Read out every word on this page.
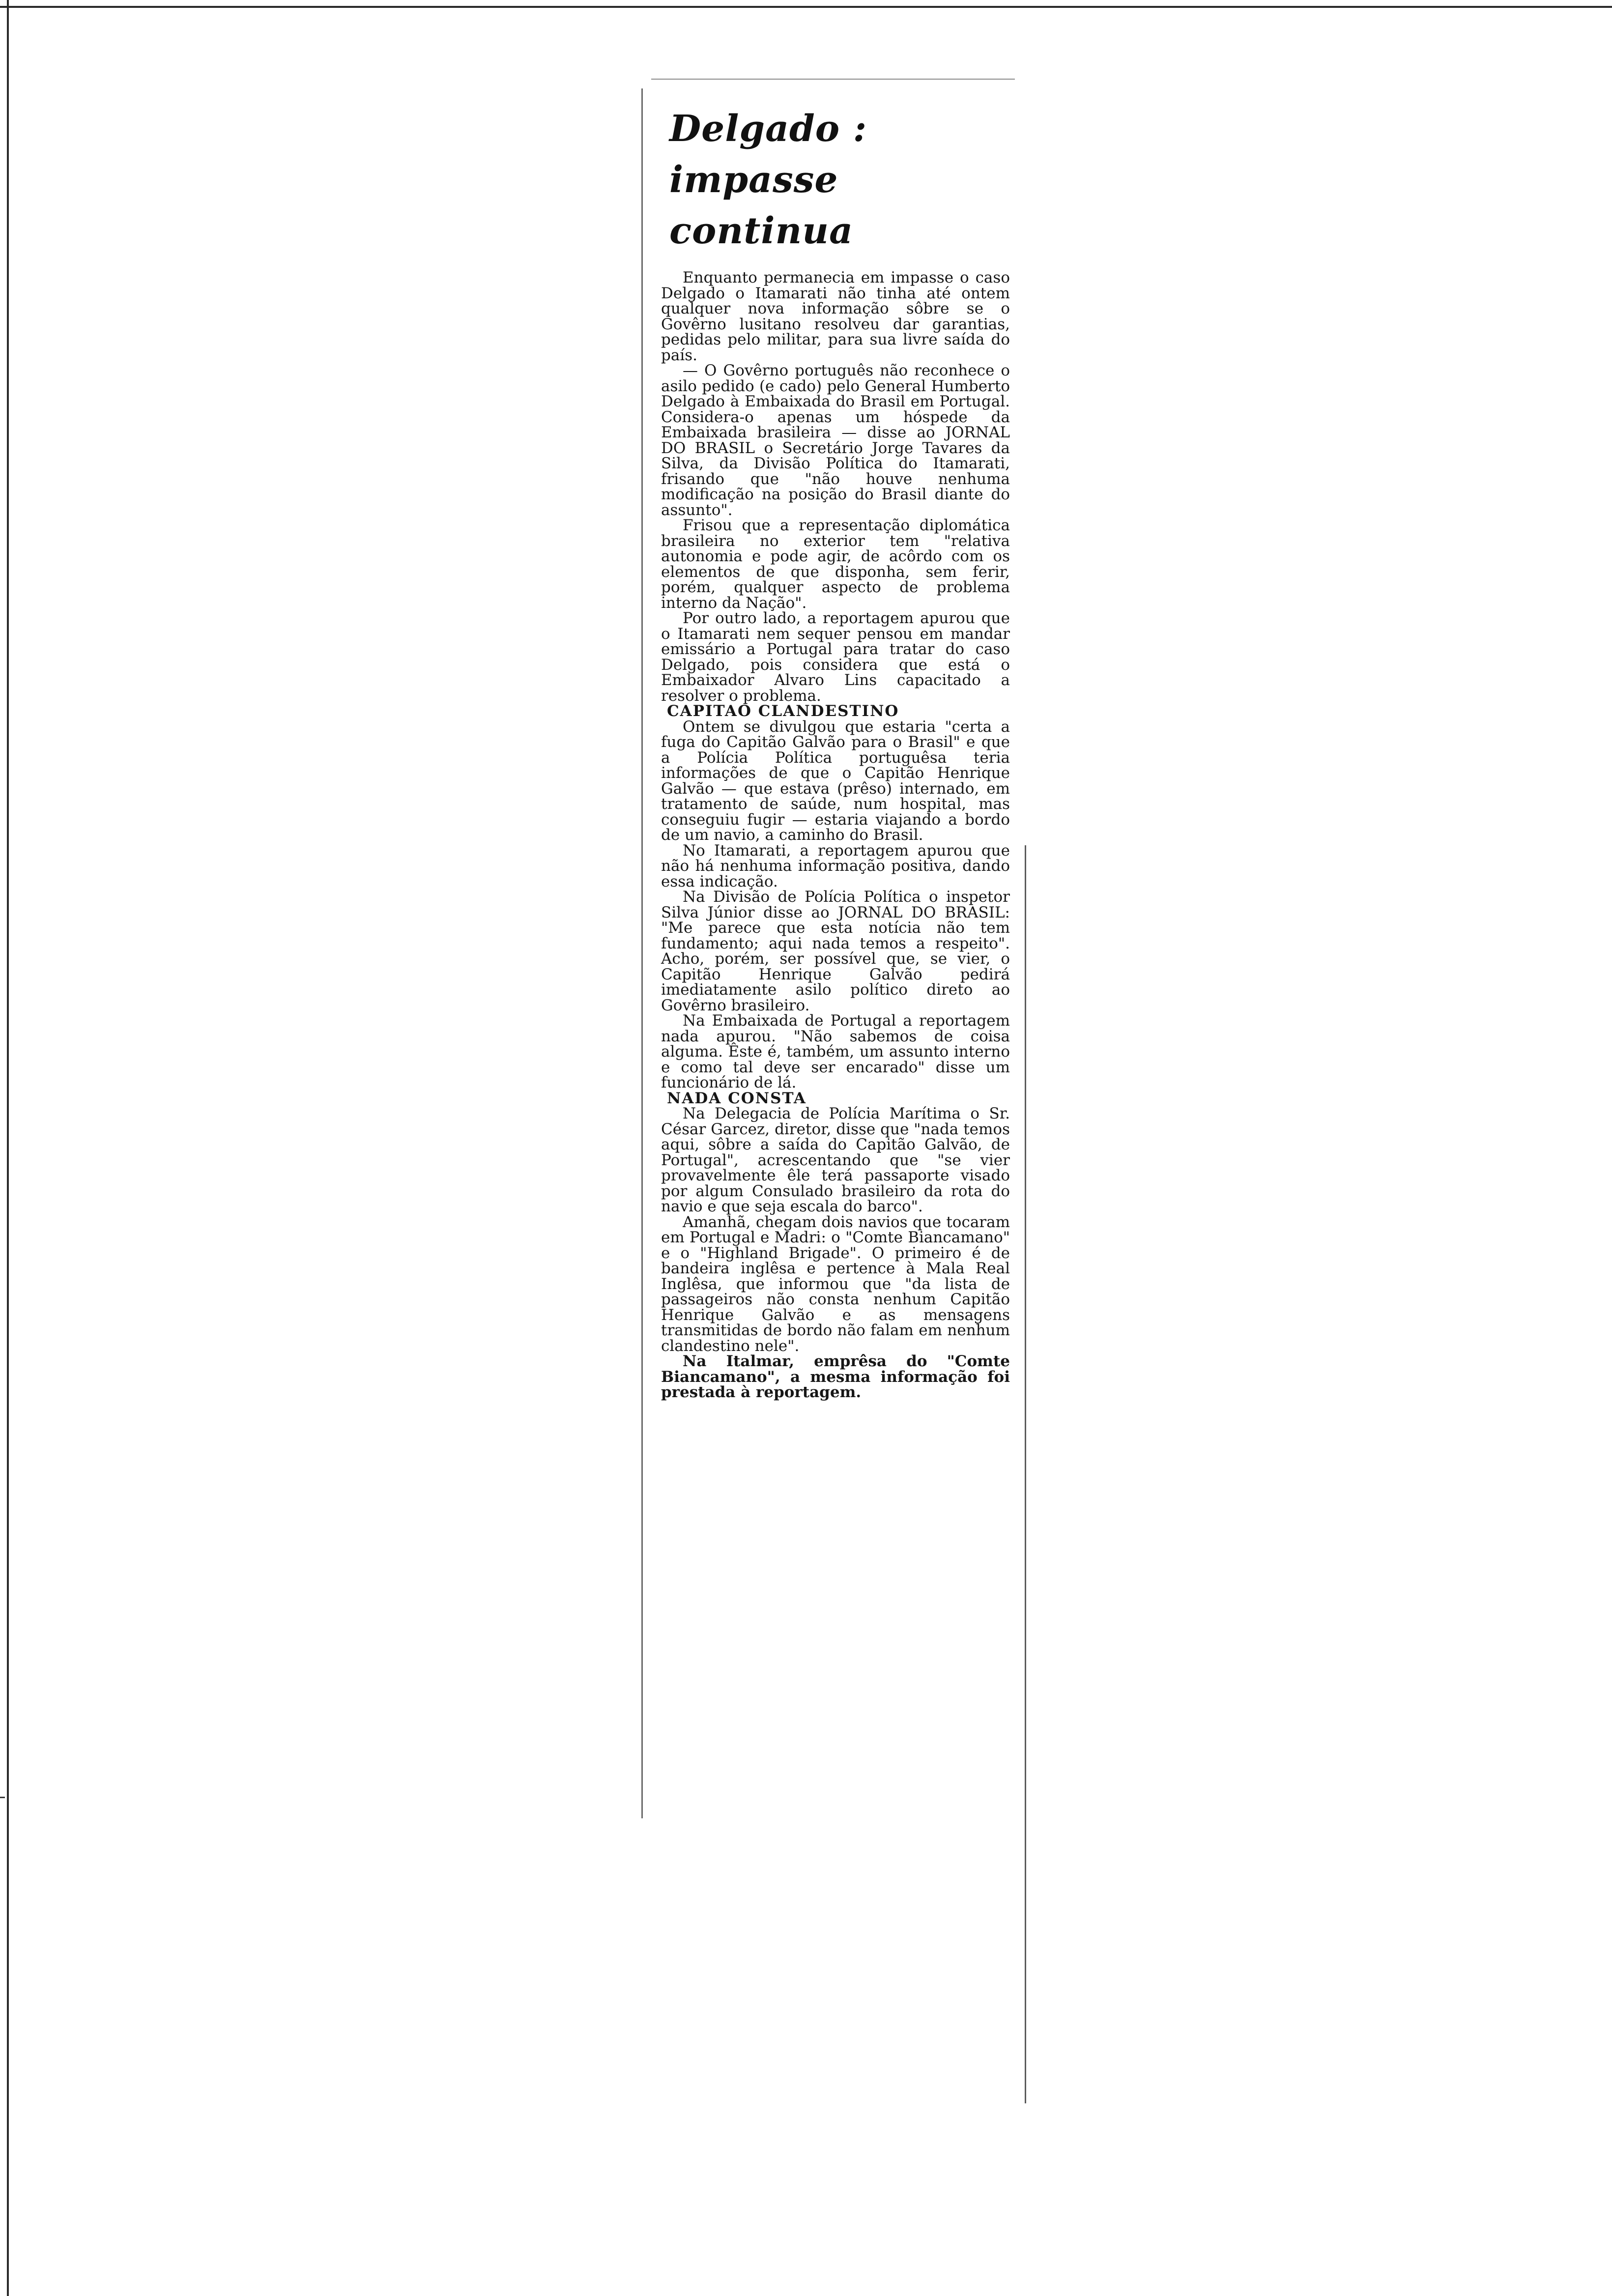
Delgado :
impasse
continua

Enquanto permanecia em impasse o caso Delgado o Itamarati não tinha até ontem qualquer nova informação sôbre se o Govêrno lusitano resolveu dar garantias, pedidas pelo militar, para sua livre saída do país.

— O Govêrno português não reconhece o asilo pedido (e cado) pelo General Humberto Delgado à Embaixada do Brasil em Portugal. Considera-o apenas um hóspede da Embaixada brasileira — disse ao JORNAL DO BRASIL o Secretário Jorge Tavares da Silva, da Divisão Política do Itamarati, frisando que "não houve nenhuma modificação na posição do Brasil diante do assunto".

Frisou que a representação diplomática brasileira no exterior tem "relativa autonomia e pode agir, de acôrdo com os elementos de que disponha, sem ferir, porém, qualquer aspecto de problema interno da Nação".

Por outro lado, a reportagem apurou que o Itamarati nem sequer pensou em mandar emissário a Portugal para tratar do caso Delgado, pois considera que está o Embaixador Alvaro Lins capacitado a resolver o problema.

CAPITAO CLANDESTINO

Ontem se divulgou que estaria "certa a fuga do Capitão Galvão para o Brasil" e que a Polícia Política portuguêsa teria informações de que o Capitão Henrique Galvão — que estava (prêso) internado, em tratamento de saúde, num hospital, mas conseguiu fugir — estaria viajando a bordo de um navio, a caminho do Brasil.

No Itamarati, a reportagem apurou que não há nenhuma informação positiva, dando essa indicação.

Na Divisão de Polícia Política o inspetor Silva Júnior disse ao JORNAL DO BRASIL: "Me parece que esta notícia não tem fundamento; aqui nada temos a respeito". Acho, porém, ser possível que, se vier, o Capitão Henrique Galvão pedirá imediatamente asilo político direto ao Govêrno brasileiro.

Na Embaixada de Portugal a reportagem nada apurou. "Não sabemos de coisa alguma. Êste é, também, um assunto interno e como tal deve ser encarado" disse um funcionário de lá.

NADA CONSTA

Na Delegacia de Polícia Marítima o Sr. César Garcez, diretor, disse que "nada temos aqui, sôbre a saída do Capitão Galvão, de Portugal", acrescentando que "se vier provavelmente êle terá passaporte visado por algum Consulado brasileiro da rota do navio e que seja escala do barco".

Amanhã, chegam dois navios que tocaram em Portugal e Madri: o "Comte Biancamano" e o "Highland Brigade". O primeiro é de bandeira inglêsa e pertence à Mala Real Inglêsa, que informou que "da lista de passageiros não consta nenhum Capitão Henrique Galvão e as mensagens transmitidas de bordo não falam em nenhum clandestino nele".

Na Italmar, emprêsa do "Comte Biancamano", a mesma informação foi prestada à reportagem.
